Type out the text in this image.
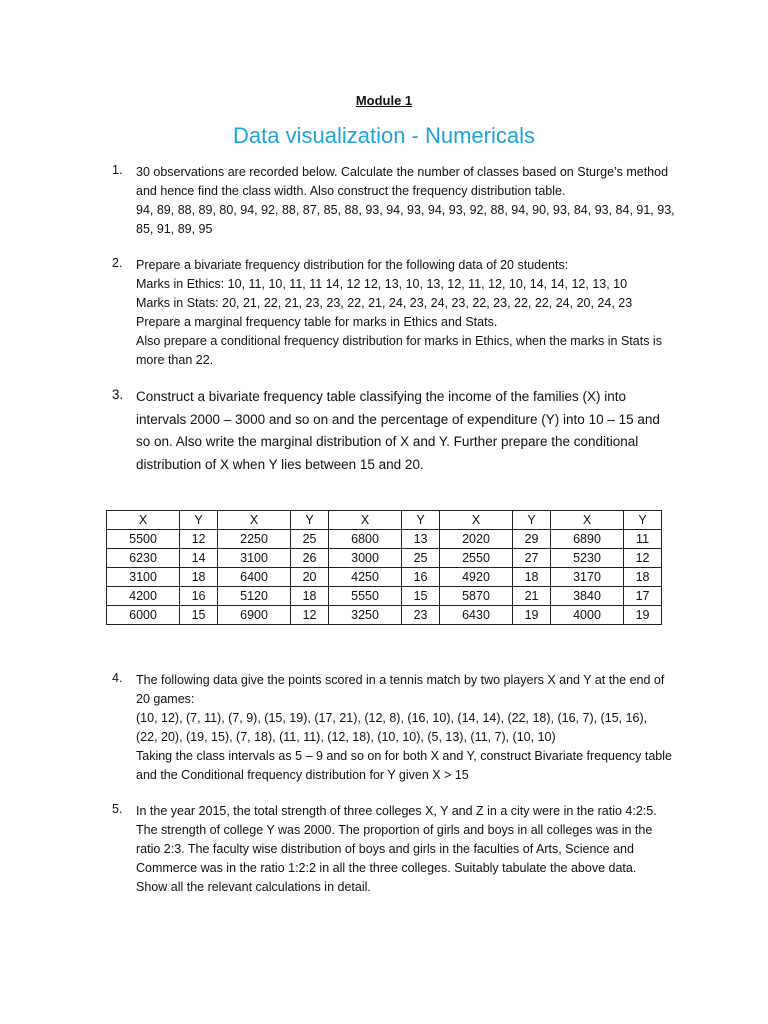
Module 1
Data visualization - Numericals
1. 30 observations are recorded below. Calculate the number of classes based on Sturge’s method
and hence find the class width. Also construct the frequency distribution table.
94, 89, 88, 89, 80, 94, 92, 88, 87, 85, 88, 93, 94, 93, 94, 93, 92, 88, 94, 90, 93, 84, 93, 84, 91, 93,
85, 91, 89, 95
2. Prepare a bivariate frequency distribution for the following data of 20 students:
Marks in Ethics: 10, 11, 10, 11, 11 14, 12 12, 13, 10, 13, 12, 11, 12, 10, 14, 14, 12, 13, 10
Marks in Stats: 20, 21, 22, 21, 23, 23, 22, 21, 24, 23, 24, 23, 22, 23, 22, 22, 24, 20, 24, 23
Prepare a marginal frequency table for marks in Ethics and Stats.
Also prepare a conditional frequency distribution for marks in Ethics, when the marks in Stats is
more than 22.
3. Construct a bivariate frequency table classifying the income of the families (X) into
intervals 2000 – 3000 and so on and the percentage of expenditure (Y) into 10 – 15 and
so on. Also write the marginal distribution of X and Y. Further prepare the conditional
distribution of X when Y lies between 15 and 20.
X	Y	X	Y	X	Y	X	Y	X	Y
5500	12	2250	25	6800	13	2020	29	6890	11
6230	14	3100	26	3000	25	2550	27	5230	12
3100	18	6400	20	4250	16	4920	18	3170	18
4200	16	5120	18	5550	15	5870	21	3840	17
6000	15	6900	12	3250	23	6430	19	4000	19
4. The following data give the points scored in a tennis match by two players X and Y at the end of
20 games:
(10, 12), (7, 11), (7, 9), (15, 19), (17, 21), (12, 8), (16, 10), (14, 14), (22, 18), (16, 7), (15, 16),
(22, 20), (19, 15), (7, 18), (11, 11), (12, 18), (10, 10), (5, 13), (11, 7), (10, 10)
Taking the class intervals as 5 – 9 and so on for both X and Y, construct Bivariate frequency table
and the Conditional frequency distribution for Y given X > 15
5. In the year 2015, the total strength of three colleges X, Y and Z in a city were in the ratio 4:2:5.
The strength of college Y was 2000. The proportion of girls and boys in all colleges was in the
ratio 2:3. The faculty wise distribution of boys and girls in the faculties of Arts, Science and
Commerce was in the ratio 1:2:2 in all the three colleges. Suitably tabulate the above data.
Show all the relevant calculations in detail.
